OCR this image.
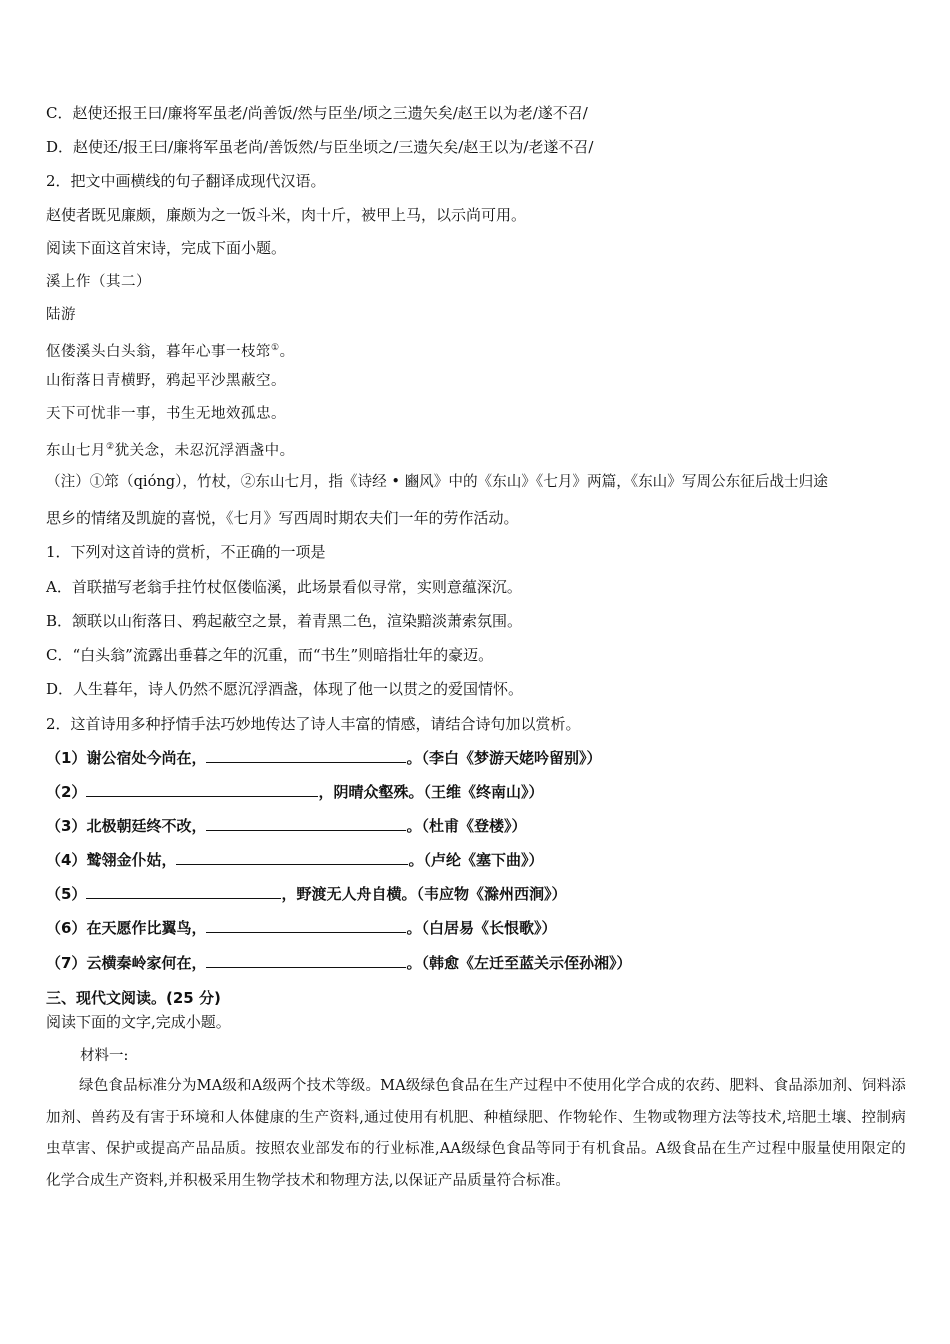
C．赵使还报王曰/廉将军虽老/尚善饭/然与臣坐/顷之三遗矢矣/赵王以为老/遂不召/
D．赵使还/报王曰/廉将军虽老尚/善饭然/与臣坐顷之/三遗矢矣/赵王以为/老遂不召/
2．把文中画横线的句子翻译成现代汉语。
赵使者既见廉颇，廉颇为之一饭斗米，肉十斤，被甲上马，以示尚可用。
阅读下面这首宋诗，完成下面小题。
溪上作（其二）
陆游
伛偻溪头白头翁，暮年心事一枝筇①。
山衔落日青横野，鸦起平沙黑蔽空。
天下可忧非一事，书生无地效孤忠。
东山七月②犹关念，未忍沉浮酒盏中。
（注）①筇（qióng），竹杖，②东山七月，指《诗经 • 豳风》中的《东山》《七月》两篇，《东山》写周公东征后战士归途
思乡的情绪及凯旋的喜悦，《七月》写西周时期农夫们一年的劳作活动。
1．下列对这首诗的赏析，不正确的一项是
A．首联描写老翁手拄竹杖伛偻临溪，此场景看似寻常，实则意蕴深沉。
B．颔联以山衔落日、鸦起蔽空之景，着青黑二色，渲染黯淡萧索氛围。
C．“白头翁”流露出垂暮之年的沉重，而“书生”则暗指壮年的豪迈。
D．人生暮年，诗人仍然不愿沉浮酒盏，体现了他一以贯之的爱国情怀。
2．这首诗用多种抒情手法巧妙地传达了诗人丰富的情感，请结合诗句加以赏析。
（1）谢公宿处今尚在，	。（李白《梦游天姥吟留别》）
（2）	，阴晴众壑殊。（王维《终南山》）
（3）北极朝廷终不改，	。（杜甫《登楼》）
（4）鹫翎金仆姑，	。（卢纶《塞下曲》）
（5）	，野渡无人舟自横。（韦应物《滁州西涧》）
（6）在天愿作比翼鸟，	。（白居易《长恨歌》）
（7）云横秦岭家何在，	。（韩愈《左迁至蓝关示侄孙湘》）
三、现代文阅读。(25 分)
阅读下面的文字,完成小题。
材料一:
绿色食品标准分为MA级和A级两个技术等级。MA级绿色食品在生产过程中不使用化学合成的农药、肥料、食品添加剂、饲料添加剂、兽药及有害于环境和人体健康的生产资料,通过使用有机肥、种植绿肥、作物轮作、生物或物理方法等技术,培肥土壤、控制病虫草害、保护或提高产品品质。按照农业部发布的行业标准,AA级绿色食品等同于有机食品。A级食品在生产过程中服量使用限定的化学合成生产资料,并积极采用生物学技术和物理方法,以保证产品质量符合标准。
